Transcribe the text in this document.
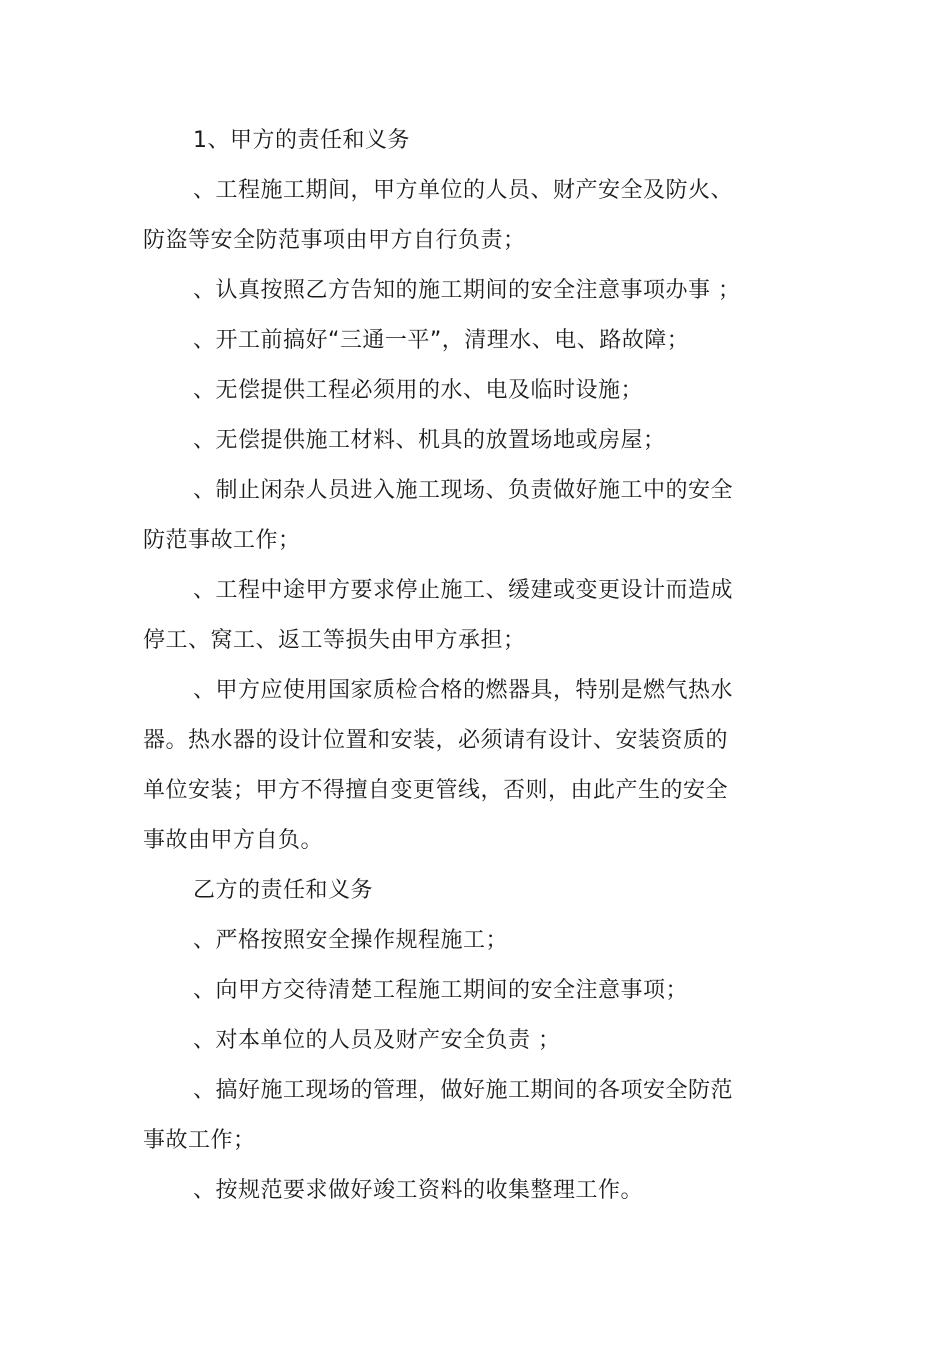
1、甲方的责任和义务
、工程施工期间，甲方单位的人员、财产安全及防火、
防盗等安全防范事项由甲方自行负责；
、认真按照乙方告知的施工期间的安全注意事项办事 ；
、开工前搞好“三通一平”，清理水、电、路故障；
、无偿提供工程必须用的水、电及临时设施；
、无偿提供施工材料、机具的放置场地或房屋；
、制止闲杂人员进入施工现场、负责做好施工中的安全
防范事故工作；
、工程中途甲方要求停止施工、缓建或变更设计而造成
停工、窝工、返工等损失由甲方承担；
、甲方应使用国家质检合格的燃器具，特别是燃气热水
器。热水器的设计位置和安装，必须请有设计、安装资质的
单位安装；甲方不得擅自变更管线，否则，由此产生的安全
事故由甲方自负。
乙方的责任和义务
、严格按照安全操作规程施工；
、向甲方交待清楚工程施工期间的安全注意事项；
、对本单位的人员及财产安全负责 ；
、搞好施工现场的管理，做好施工期间的各项安全防范
事故工作；
、按规范要求做好竣工资料的收集整理工作。
